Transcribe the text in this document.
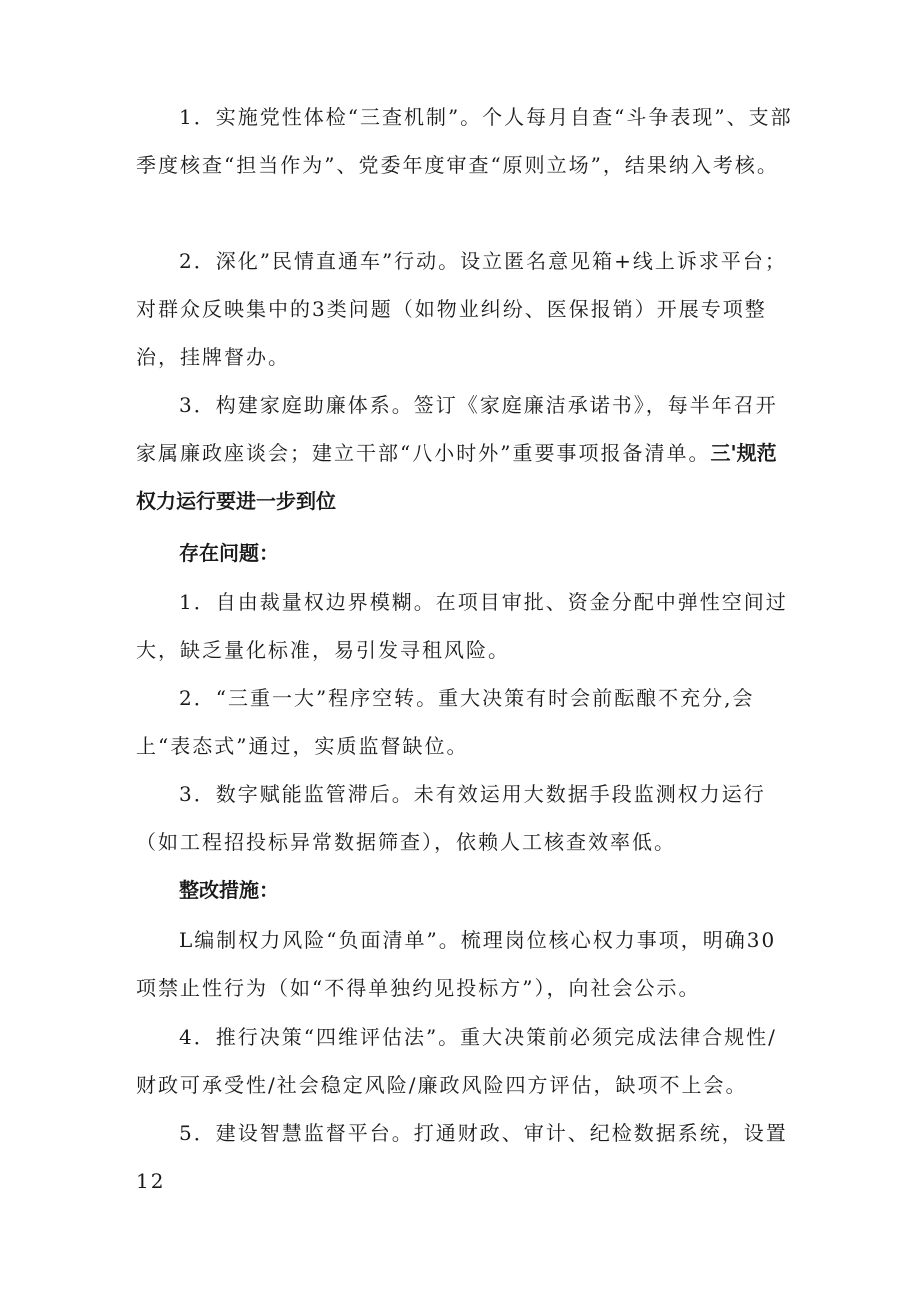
1．实施党性体检“三查机制”。个人每月自查“斗争表现”、支部季度核查“担当作为”、党委年度审查“原则立场”，结果纳入考核。

2．深化”民情直通车”行动。设立匿名意见箱+线上诉求平台；对群众反映集中的3类问题（如物业纠纷、医保报销）开展专项整治，挂牌督办。

3．构建家庭助廉体系。签订《家庭廉洁承诺书》，每半年召开家属廉政座谈会；建立干部“八小时外”重要事项报备清单。三'规范权力运行要进一步到位

存在问题：

1．自由裁量权边界模糊。在项目审批、资金分配中弹性空间过大，缺乏量化标准，易引发寻租风险。

2．“三重一大”程序空转。重大决策有时会前酝酿不充分,会上“表态式”通过，实质监督缺位。

3．数字赋能监管滞后。未有效运用大数据手段监测权力运行（如工程招投标异常数据筛查），依赖人工核查效率低。

整改措施：

L编制权力风险“负面清单”。梳理岗位核心权力事项，明确30项禁止性行为（如“不得单独约见投标方”），向社会公示。

4．推行决策“四维评估法”。重大决策前必须完成法律合规性/财政可承受性/社会稳定风险/廉政风险四方评估，缺项不上会。

5．建设智慧监督平台。打通财政、审计、纪检数据系统，设置12
